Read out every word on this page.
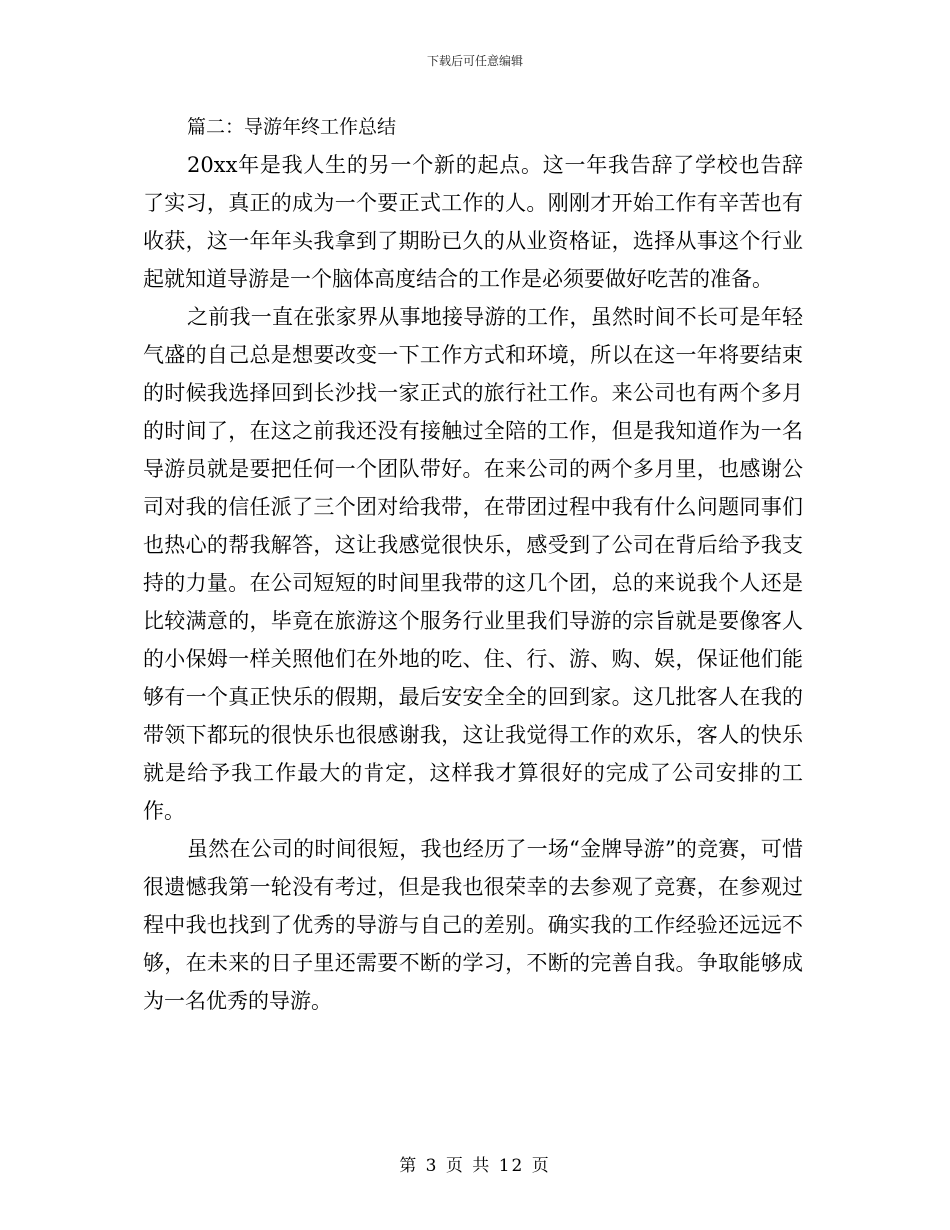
下载后可任意编辑
篇二：导游年终工作总结

20xx年是我人生的另一个新的起点。这一年我告辞了学校也告辞了实习，真正的成为一个要正式工作的人。刚刚才开始工作有辛苦也有收获，这一年年头我拿到了期盼已久的从业资格证，选择从事这个行业起就知道导游是一个脑体高度结合的工作是必须要做好吃苦的准备。

之前我一直在张家界从事地接导游的工作，虽然时间不长可是年轻气盛的自己总是想要改变一下工作方式和环境，所以在这一年将要结束的时候我选择回到长沙找一家正式的旅行社工作。来公司也有两个多月的时间了，在这之前我还没有接触过全陪的工作，但是我知道作为一名导游员就是要把任何一个团队带好。在来公司的两个多月里，也感谢公司对我的信任派了三个团对给我带，在带团过程中我有什么问题同事们也热心的帮我解答，这让我感觉很快乐，感受到了公司在背后给予我支持的力量。在公司短短的时间里我带的这几个团，总的来说我个人还是比较满意的，毕竟在旅游这个服务行业里我们导游的宗旨就是要像客人的小保姆一样关照他们在外地的吃、住、行、游、购、娱，保证他们能够有一个真正快乐的假期，最后安安全全的回到家。这几批客人在我的带领下都玩的很快乐也很感谢我，这让我觉得工作的欢乐，客人的快乐就是给予我工作最大的肯定，这样我才算很好的完成了公司安排的工作。

虽然在公司的时间很短，我也经历了一场“金牌导游”的竞赛，可惜很遗憾我第一轮没有考过，但是我也很荣幸的去参观了竞赛，在参观过程中我也找到了优秀的导游与自己的差别。确实我的工作经验还远远不够，在未来的日子里还需要不断的学习，不断的完善自我。争取能够成为一名优秀的导游。

第 3 页 共 12 页
